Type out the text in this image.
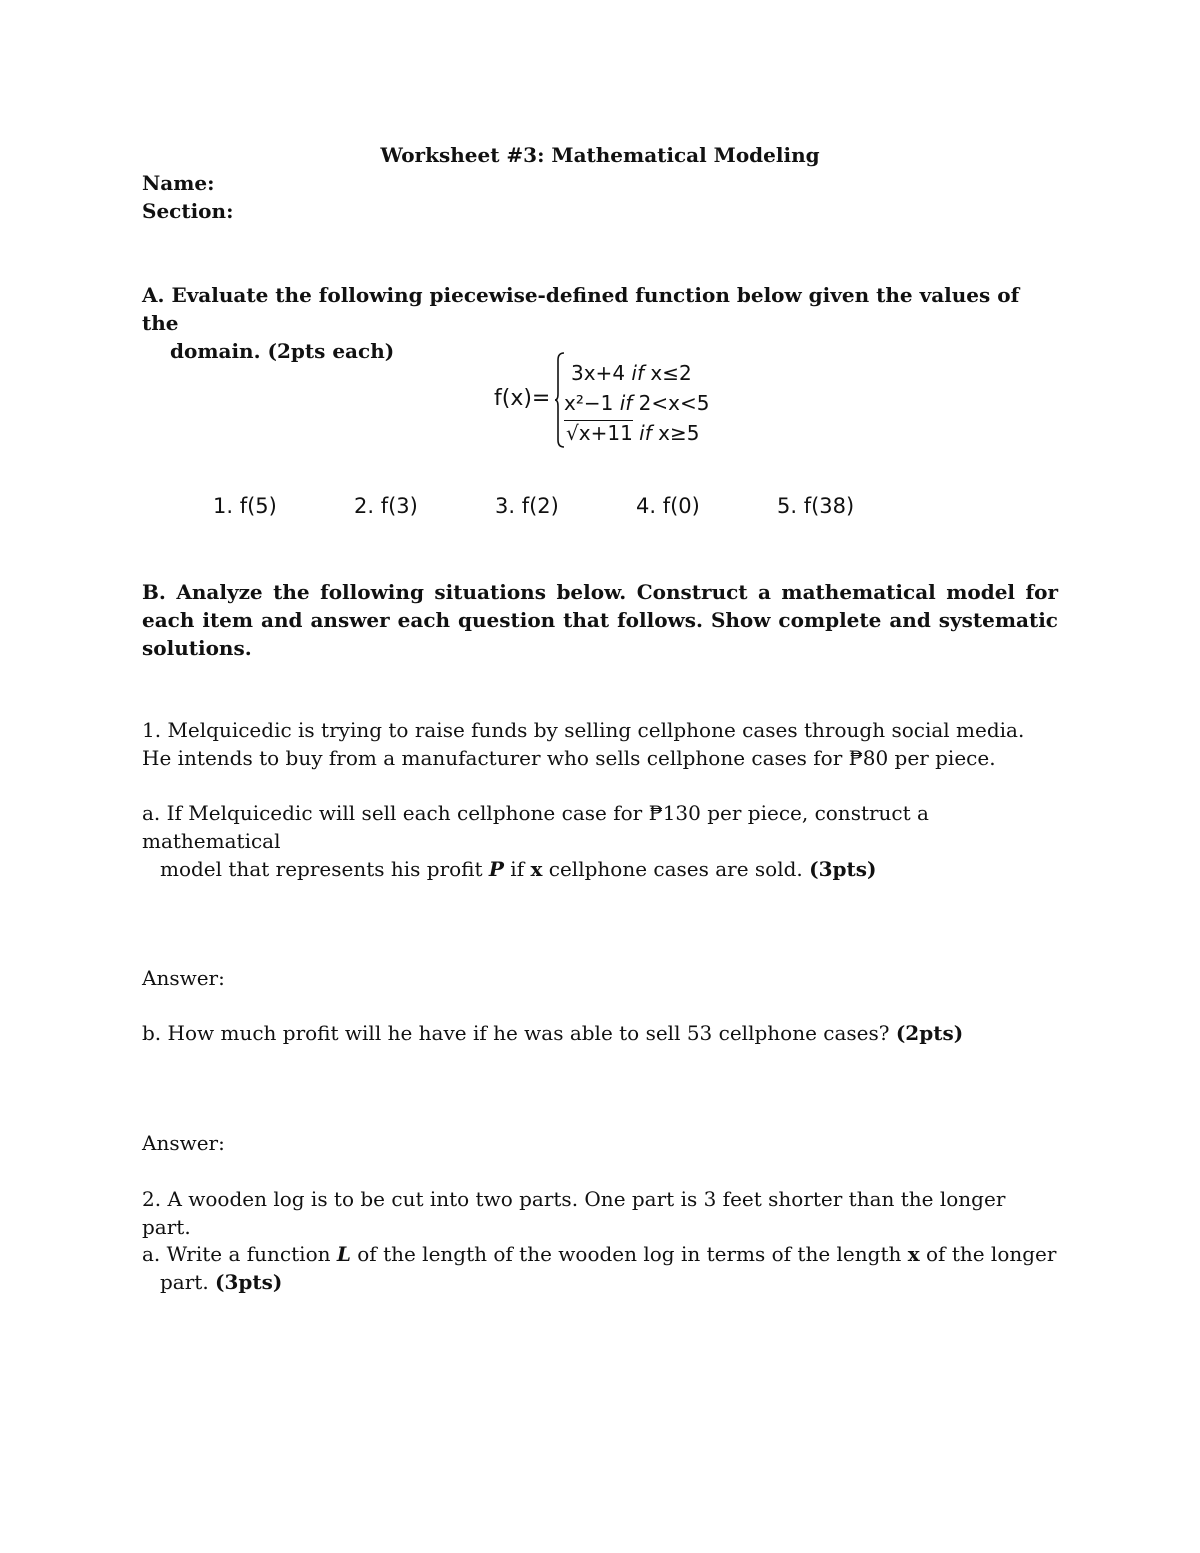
Worksheet #3: Mathematical Modeling
Name:
Section:
A. Evaluate the following piecewise-defined function below given the values of the
domain. (2pts each)
f(x)=
3x+4 if x≤2
x²−1 if 2<x<5
√x+11 if x≥5
1. f(5)	2. f(3)	3. f(2)	4. f(0)	5. f(38)
B. Analyze the following situations below. Construct a mathematical model for each item and answer each question that follows. Show complete and systematic solutions.
1. Melquicedic is trying to raise funds by selling cellphone cases through social media. He intends to buy from a manufacturer who sells cellphone cases for ₱80 per piece.
a. If Melquicedic will sell each cellphone case for ₱130 per piece, construct a mathematical
model that represents his profit P if x cellphone cases are sold. (3pts)
Answer:
b. How much profit will he have if he was able to sell 53 cellphone cases? (2pts)
Answer:
2. A wooden log is to be cut into two parts. One part is 3 feet shorter than the longer part.
a. Write a function L of the length of the wooden log in terms of the length x of the longer
part. (3pts)
